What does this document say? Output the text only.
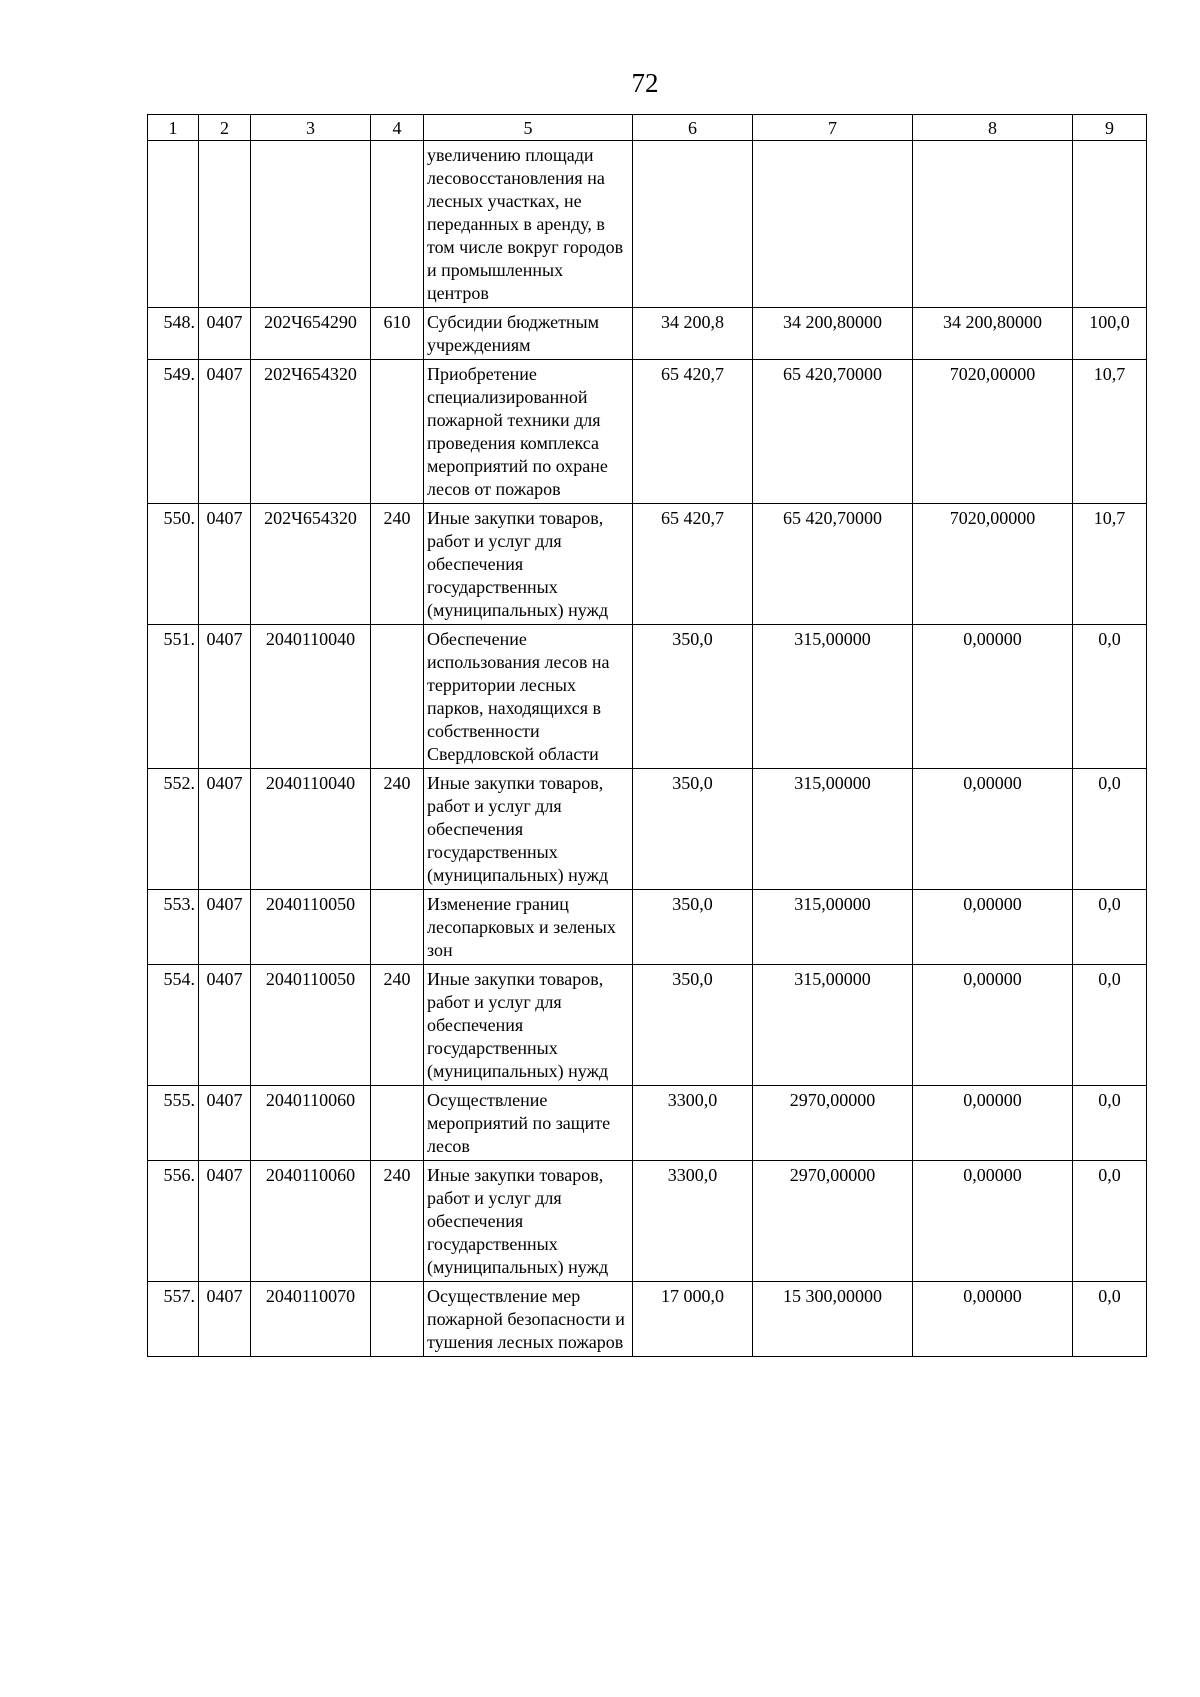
72
1	2	3	4	5	6	7	8	9
				увеличению площади лесовосстановления на лесных участках, не переданных в аренду, в том числе вокруг городов и промышленных центров				
548.	0407	202Ч654290	610	Субсидии бюджетным учреждениям	34 200,8	34 200,80000	34 200,80000	100,0
549.	0407	202Ч654320		Приобретение специализированной пожарной техники для проведения комплекса мероприятий по охране лесов от пожаров	65 420,7	65 420,70000	7020,00000	10,7
550.	0407	202Ч654320	240	Иные закупки товаров, работ и услуг для обеспечения государственных (муниципальных) нужд	65 420,7	65 420,70000	7020,00000	10,7
551.	0407	2040110040		Обеспечение использования лесов на территории лесных парков, находящихся в собственности Свердловской области	350,0	315,00000	0,00000	0,0
552.	0407	2040110040	240	Иные закупки товаров, работ и услуг для обеспечения государственных (муниципальных) нужд	350,0	315,00000	0,00000	0,0
553.	0407	2040110050		Изменение границ лесопарковых и зеленых зон	350,0	315,00000	0,00000	0,0
554.	0407	2040110050	240	Иные закупки товаров, работ и услуг для обеспечения государственных (муниципальных) нужд	350,0	315,00000	0,00000	0,0
555.	0407	2040110060		Осуществление мероприятий по защите лесов	3300,0	2970,00000	0,00000	0,0
556.	0407	2040110060	240	Иные закупки товаров, работ и услуг для обеспечения государственных (муниципальных) нужд	3300,0	2970,00000	0,00000	0,0
557.	0407	2040110070		Осуществление мер пожарной безопасности и тушения лесных пожаров	17 000,0	15 300,00000	0,00000	0,0
